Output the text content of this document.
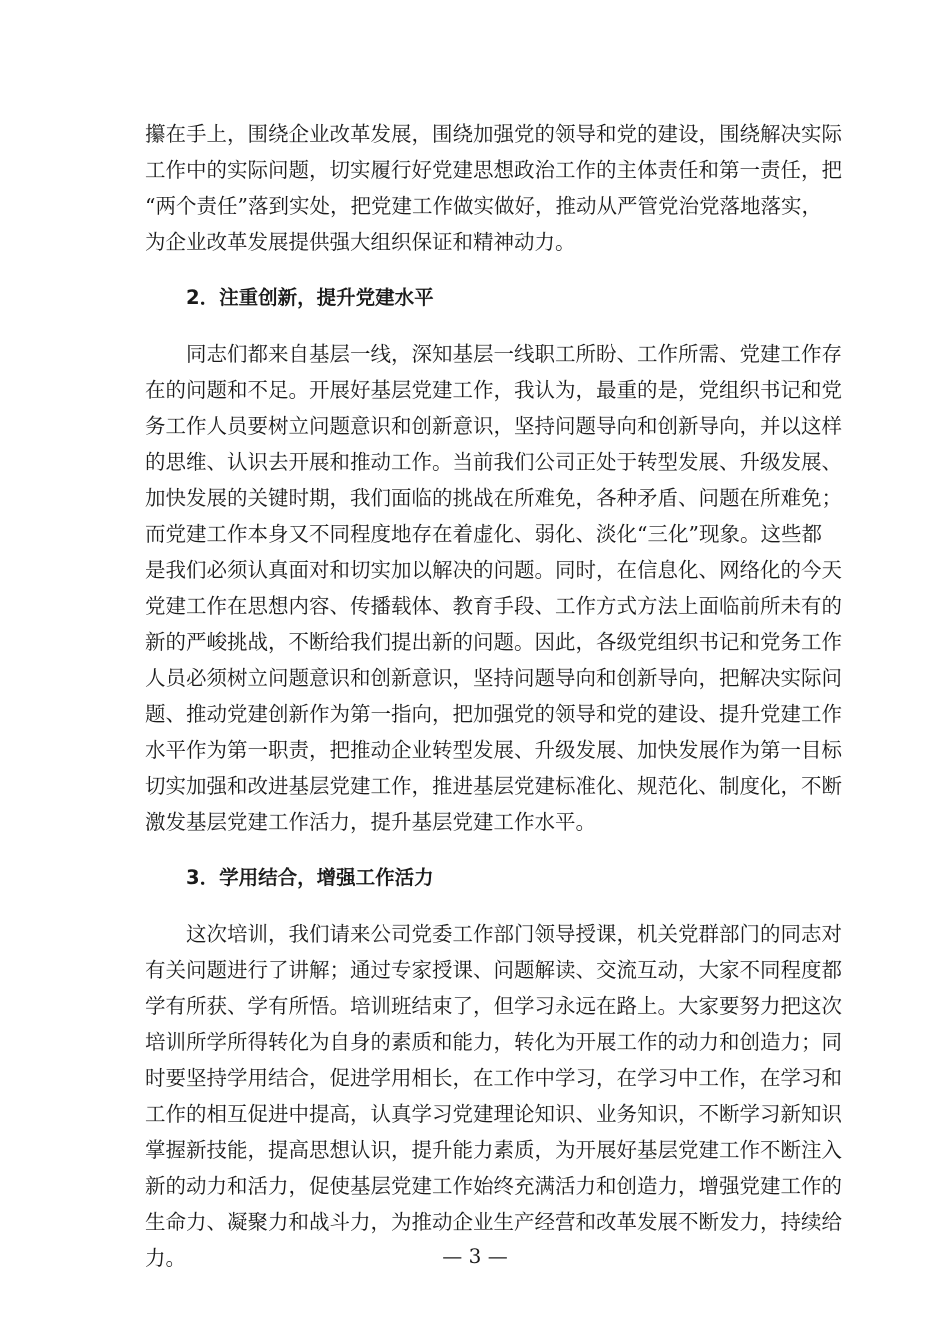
攥在手上，围绕企业改革发展，围绕加强党的领导和党的建设，围绕解决实际
工作中的实际问题，切实履行好党建思想政治工作的主体责任和第一责任，把
“两个责任”落到实处，把党建工作做实做好，推动从严管党治党落地落实，
为企业改革发展提供强大组织保证和精神动力。
2．注重创新，提升党建水平
同志们都来自基层一线，深知基层一线职工所盼、工作所需、党建工作存
在的问题和不足。开展好基层党建工作，我认为，最重的是，党组织书记和党
务工作人员要树立问题意识和创新意识，坚持问题导向和创新导向，并以这样
的思维、认识去开展和推动工作。当前我们公司正处于转型发展、升级发展、
加快发展的关键时期，我们面临的挑战在所难免，各种矛盾、问题在所难免；
而党建工作本身又不同程度地存在着虚化、弱化、淡化“三化”现象。这些都
是我们必须认真面对和切实加以解决的问题。同时，在信息化、网络化的今天
党建工作在思想内容、传播载体、教育手段、工作方式方法上面临前所未有的
新的严峻挑战，不断给我们提出新的问题。因此，各级党组织书记和党务工作
人员必须树立问题意识和创新意识，坚持问题导向和创新导向，把解决实际问
题、推动党建创新作为第一指向，把加强党的领导和党的建设、提升党建工作
水平作为第一职责，把推动企业转型发展、升级发展、加快发展作为第一目标
切实加强和改进基层党建工作，推进基层党建标准化、规范化、制度化，不断
激发基层党建工作活力，提升基层党建工作水平。
3．学用结合，增强工作活力
这次培训，我们请来公司党委工作部门领导授课，机关党群部门的同志对
有关问题进行了讲解；通过专家授课、问题解读、交流互动，大家不同程度都
学有所获、学有所悟。培训班结束了，但学习永远在路上。大家要努力把这次
培训所学所得转化为自身的素质和能力，转化为开展工作的动力和创造力；同
时要坚持学用结合，促进学用相长，在工作中学习，在学习中工作，在学习和
工作的相互促进中提高，认真学习党建理论知识、业务知识，不断学习新知识
掌握新技能，提高思想认识，提升能力素质，为开展好基层党建工作不断注入
新的动力和活力，促使基层党建工作始终充满活力和创造力，增强党建工作的
生命力、凝聚力和战斗力，为推动企业生产经营和改革发展不断发力，持续给
力。	— 3 —
